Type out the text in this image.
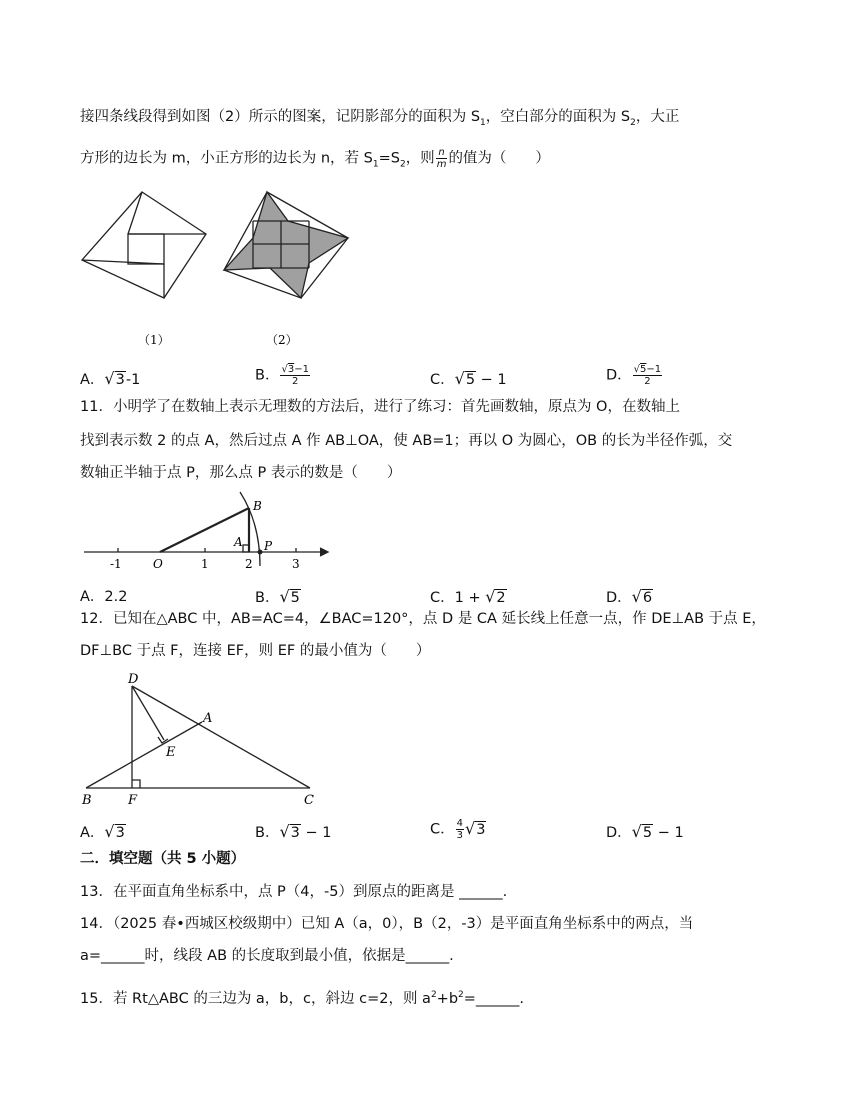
接四条线段得到如图（2）所示的图案，记阴影部分的面积为 $S_1$，空白部分的面积为 $S_2$，大正
方形的边长为 m，小正方形的边长为 n，若 $S_1=S_2$，则 $\frac{n}{m}$ 的值为（　　）
（1）	（2）
A．√3-1	B． $\frac{√3-1}{2}$	C．√5 − 1	D． $\frac{√5-1}{2}$
11．小明学了在数轴上表示无理数的方法后，进行了练习：首先画数轴，原点为 O，在数轴上
找到表示数 2 的点 A，然后过点 A 作 AB⊥OA，使 AB=1；再以 O 为圆心，OB 的长为半径作弧，交
数轴正半轴于点 P，那么点 P 表示的数是（　　）
-1	O	1	2	3
A
B
P
A．2.2	B．√5	C．1 + √2	D．√6
12．已知在△ABC 中，AB=AC=4，∠BAC=120°，点 D 是 CA 延长线上任意一点，作 DE⊥AB 于点 E，
DF⊥BC 于点 F，连接 EF，则 EF 的最小值为（　　）
D
A
E
B	F	C
A．√3	B．√3 − 1	C． $\frac{4}{3} √3$	D．√5 − 1
二．填空题（共 5 小题）
13．在平面直角坐标系中，点 P（4，-5）到原点的距离是 ______.
14．（2025 春•西城区校级期中）已知 A（a，0），B（2，-3）是平面直角坐标系中的两点，当
a=______时，线段 AB 的长度取到最小值，依据是______.
15．若 Rt△ABC 的三边为 a，b，c，斜边 c=2，则 $a^2+b^2=\_\_\_\_\_\_$.
